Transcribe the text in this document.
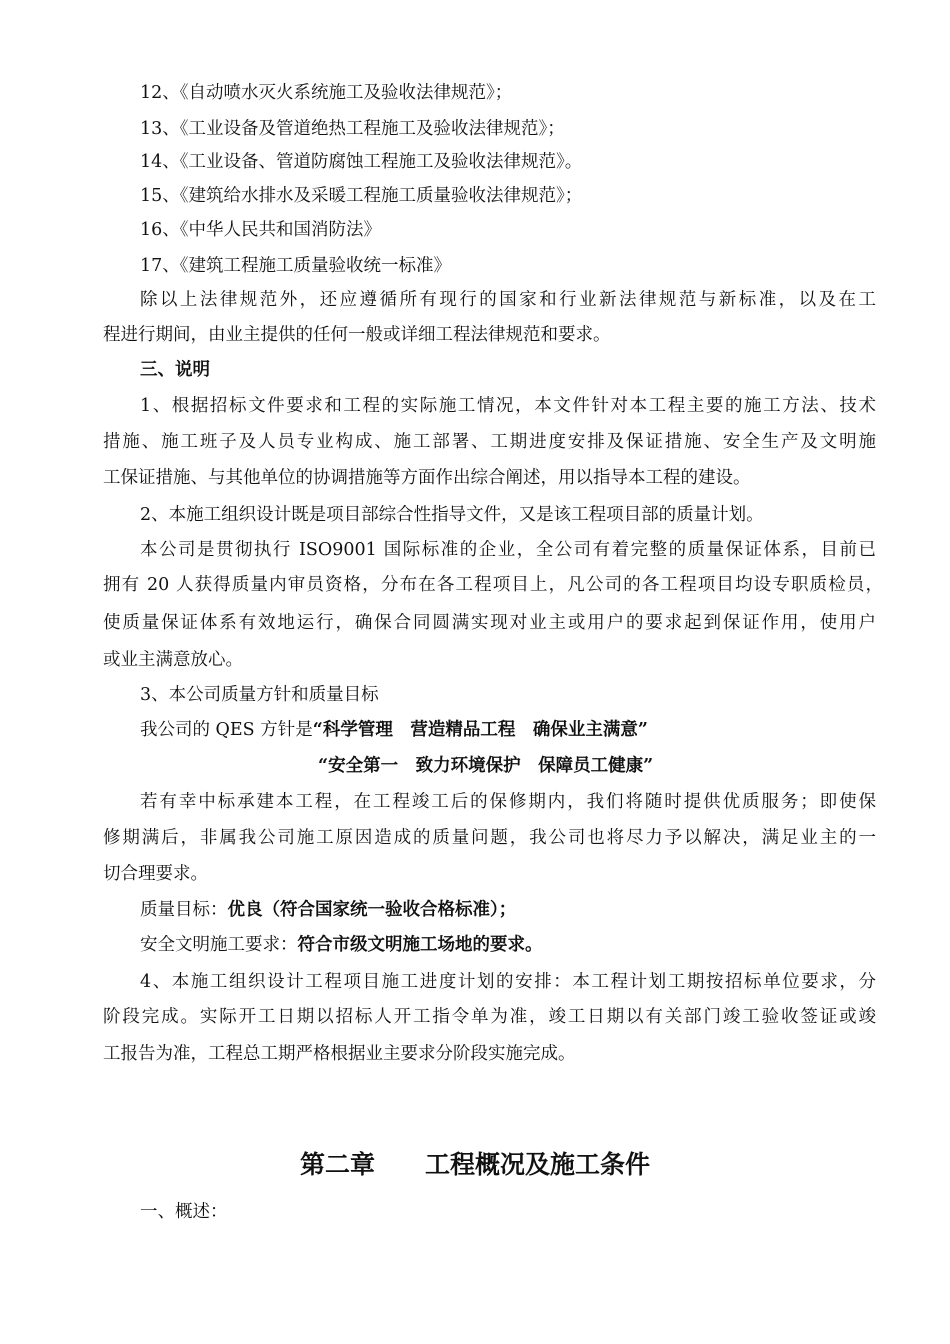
12、《自动喷水灭火系统施工及验收法律规范》；
13、《工业设备及管道绝热工程施工及验收法律规范》；
14、《工业设备、管道防腐蚀工程施工及验收法律规范》。
15、《建筑给水排水及采暖工程施工质量验收法律规范》；
16、《中华人民共和国消防法》
17、《建筑工程施工质量验收统一标准》
除以上法律规范外，还应遵循所有现行的国家和行业新法律规范与新标准，以及在工
程进行期间，由业主提供的任何一般或详细工程法律规范和要求。
三、说明
1、根据招标文件要求和工程的实际施工情况，本文件针对本工程主要的施工方法、技术
措施、施工班子及人员专业构成、施工部署、工期进度安排及保证措施、安全生产及文明施
工保证措施、与其他单位的协调措施等方面作出综合阐述，用以指导本工程的建设。
2、本施工组织设计既是项目部综合性指导文件，又是该工程项目部的质量计划。
本公司是贯彻执行 ISO9001 国际标准的企业，全公司有着完整的质量保证体系，目前已
拥有 20 人获得质量内审员资格，分布在各工程项目上，凡公司的各工程项目均设专职质检员，
使质量保证体系有效地运行，确保合同圆满实现对业主或用户的要求起到保证作用，使用户
或业主满意放心。
3、本公司质量方针和质量目标
我公司的 QES 方针是“科学管理　营造精品工程　确保业主满意”
“安全第一　致力环境保护　保障员工健康”
若有幸中标承建本工程，在工程竣工后的保修期内，我们将随时提供优质服务；即使保
修期满后，非属我公司施工原因造成的质量问题，我公司也将尽力予以解决，满足业主的一
切合理要求。
质量目标：优良（符合国家统一验收合格标准）；
安全文明施工要求：符合市级文明施工场地的要求。
4、本施工组织设计工程项目施工进度计划的安排：本工程计划工期按招标单位要求，分
阶段完成。实际开工日期以招标人开工指令单为准，竣工日期以有关部门竣工验收签证或竣
工报告为准，工程总工期严格根据业主要求分阶段实施完成。
第二章　　工程概况及施工条件
一、概述：
